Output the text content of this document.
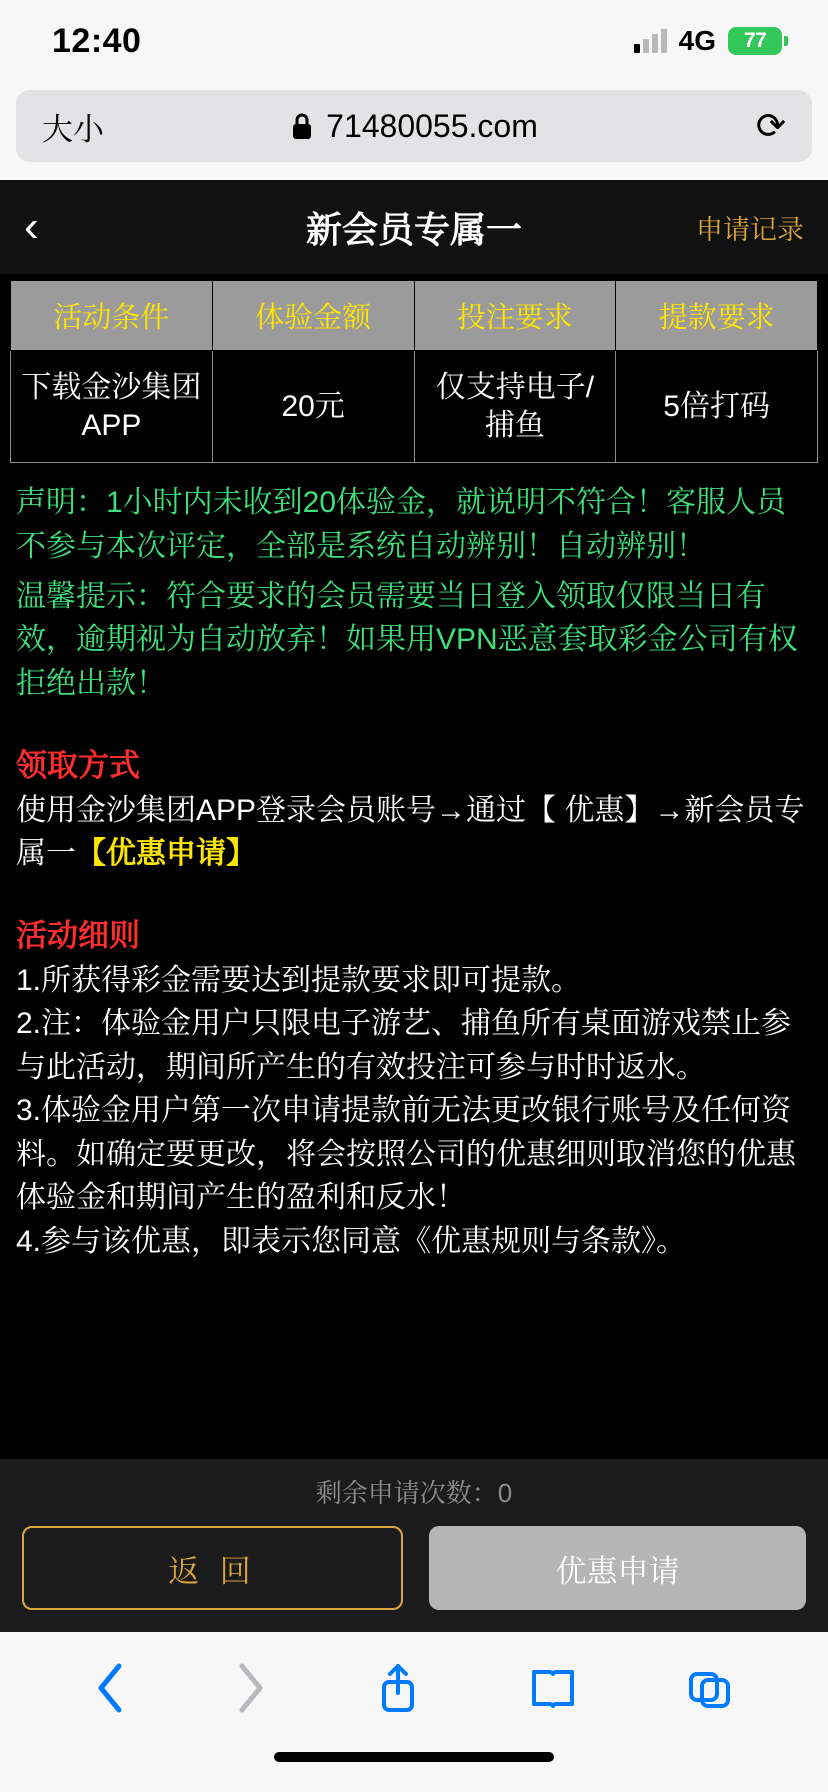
12:40	4G 77
大小	71480055.com	⟳
‹	新会员专属一	申请记录
活动条件	体验金额	投注要求	提款要求
下载金沙集团APP	20元	仅支持电子/捕鱼	5倍打码

声明：1小时内未收到20体验金，就说明不符合！客服人员不参与本次评定，全部是系统自动辨别！自动辨别！

温馨提示：符合要求的会员需要当日登入领取仅限当日有效，逾期视为自动放弃！如果用VPN恶意套取彩金公司有权拒绝出款！

领取方式

使用金沙集团APP登录会员账号→通过【 优惠】→新会员专属一【优惠申请】

活动细则

1.所获得彩金需要达到提款要求即可提款。

2.注：体验金用户只限电子游艺、捕鱼所有桌面游戏禁止参与此活动，期间所产生的有效投注可参与时时返水。

3.体验金用户第一次申请提款前无法更改银行账号及任何资料。如确定要更改，将会按照公司的优惠细则取消您的优惠体验金和期间产生的盈利和反水！

4.参与该优惠，即表示您同意《优惠规则与条款》。

剩余申请次数：0
返 回	优惠申请
